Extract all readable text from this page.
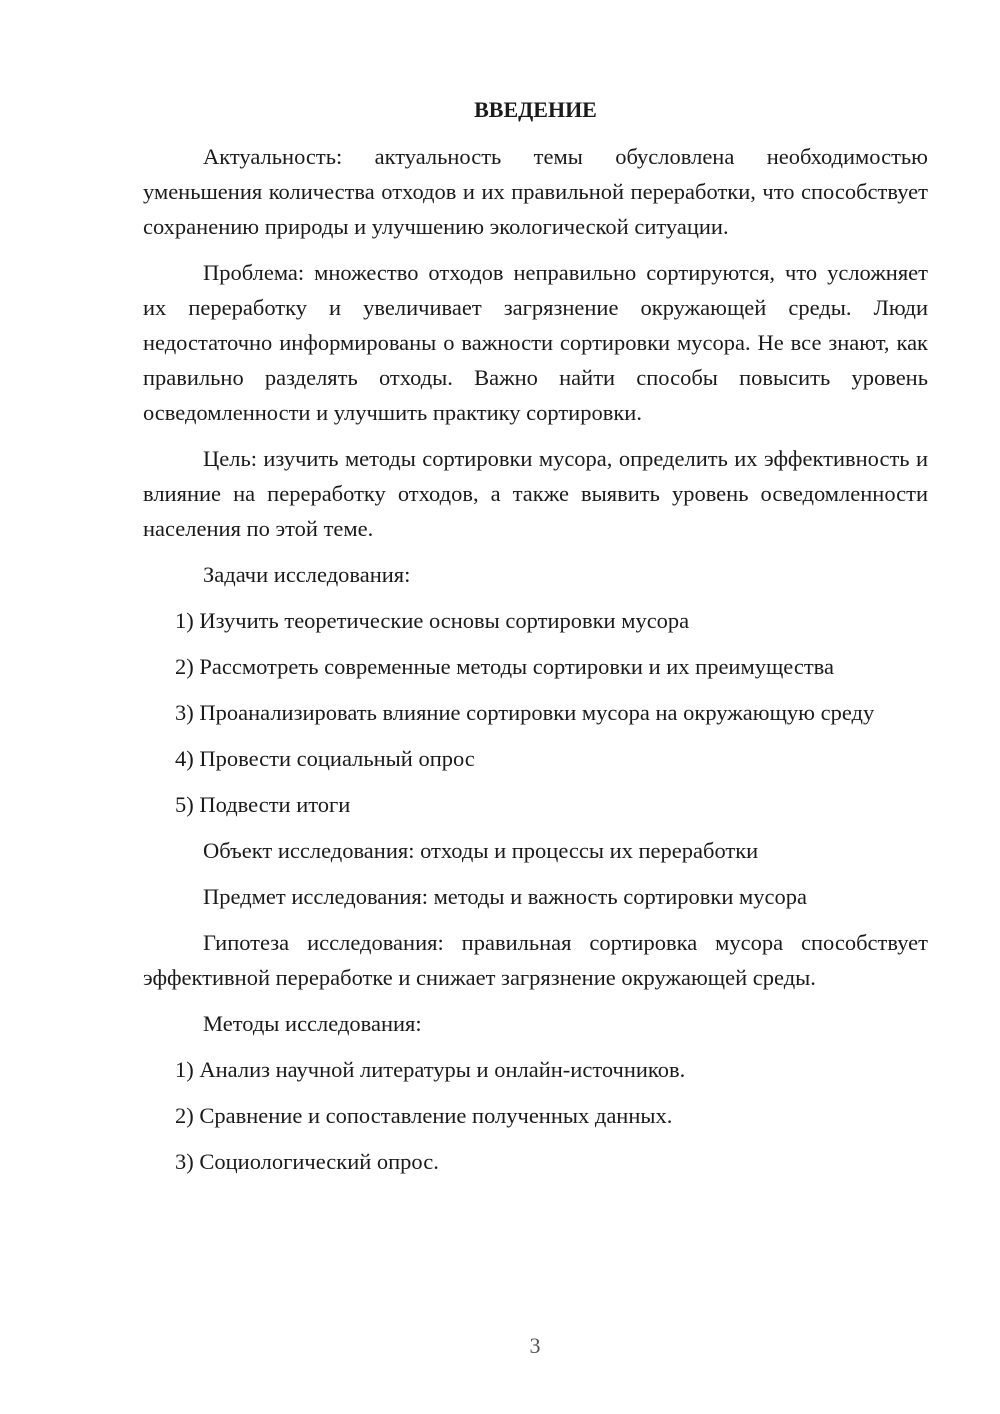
ВВЕДЕНИЕ

Актуальность: актуальность темы обусловлена необходимостью уменьшения количества отходов и их правильной переработки, что способствует сохранению природы и улучшению экологической ситуации.

Проблема: множество отходов неправильно сортируются, что усложняет их переработку и увеличивает загрязнение окружающей среды. Люди недостаточно информированы о важности сортировки мусора. Не все знают, как правильно разделять отходы. Важно найти способы повысить уровень осведомленности и улучшить практику сортировки.

Цель: изучить методы сортировки мусора, определить их эффективность и влияние на переработку отходов, а также выявить уровень осведомленности населения по этой теме.

Задачи исследования:

1) Изучить теоретические основы сортировки мусора

2) Рассмотреть современные методы сортировки и их преимущества

3) Проанализировать влияние сортировки мусора на окружающую среду

4) Провести социальный опрос

5) Подвести итоги

Объект исследования: отходы и процессы их переработки

Предмет исследования: методы и важность сортировки мусора

Гипотеза исследования: правильная сортировка мусора способствует эффективной переработке и снижает загрязнение окружающей среды.

Методы исследования:

1) Анализ научной литературы и онлайн-источников.

2) Сравнение и сопоставление полученных данных.

3) Социологический опрос.

3
